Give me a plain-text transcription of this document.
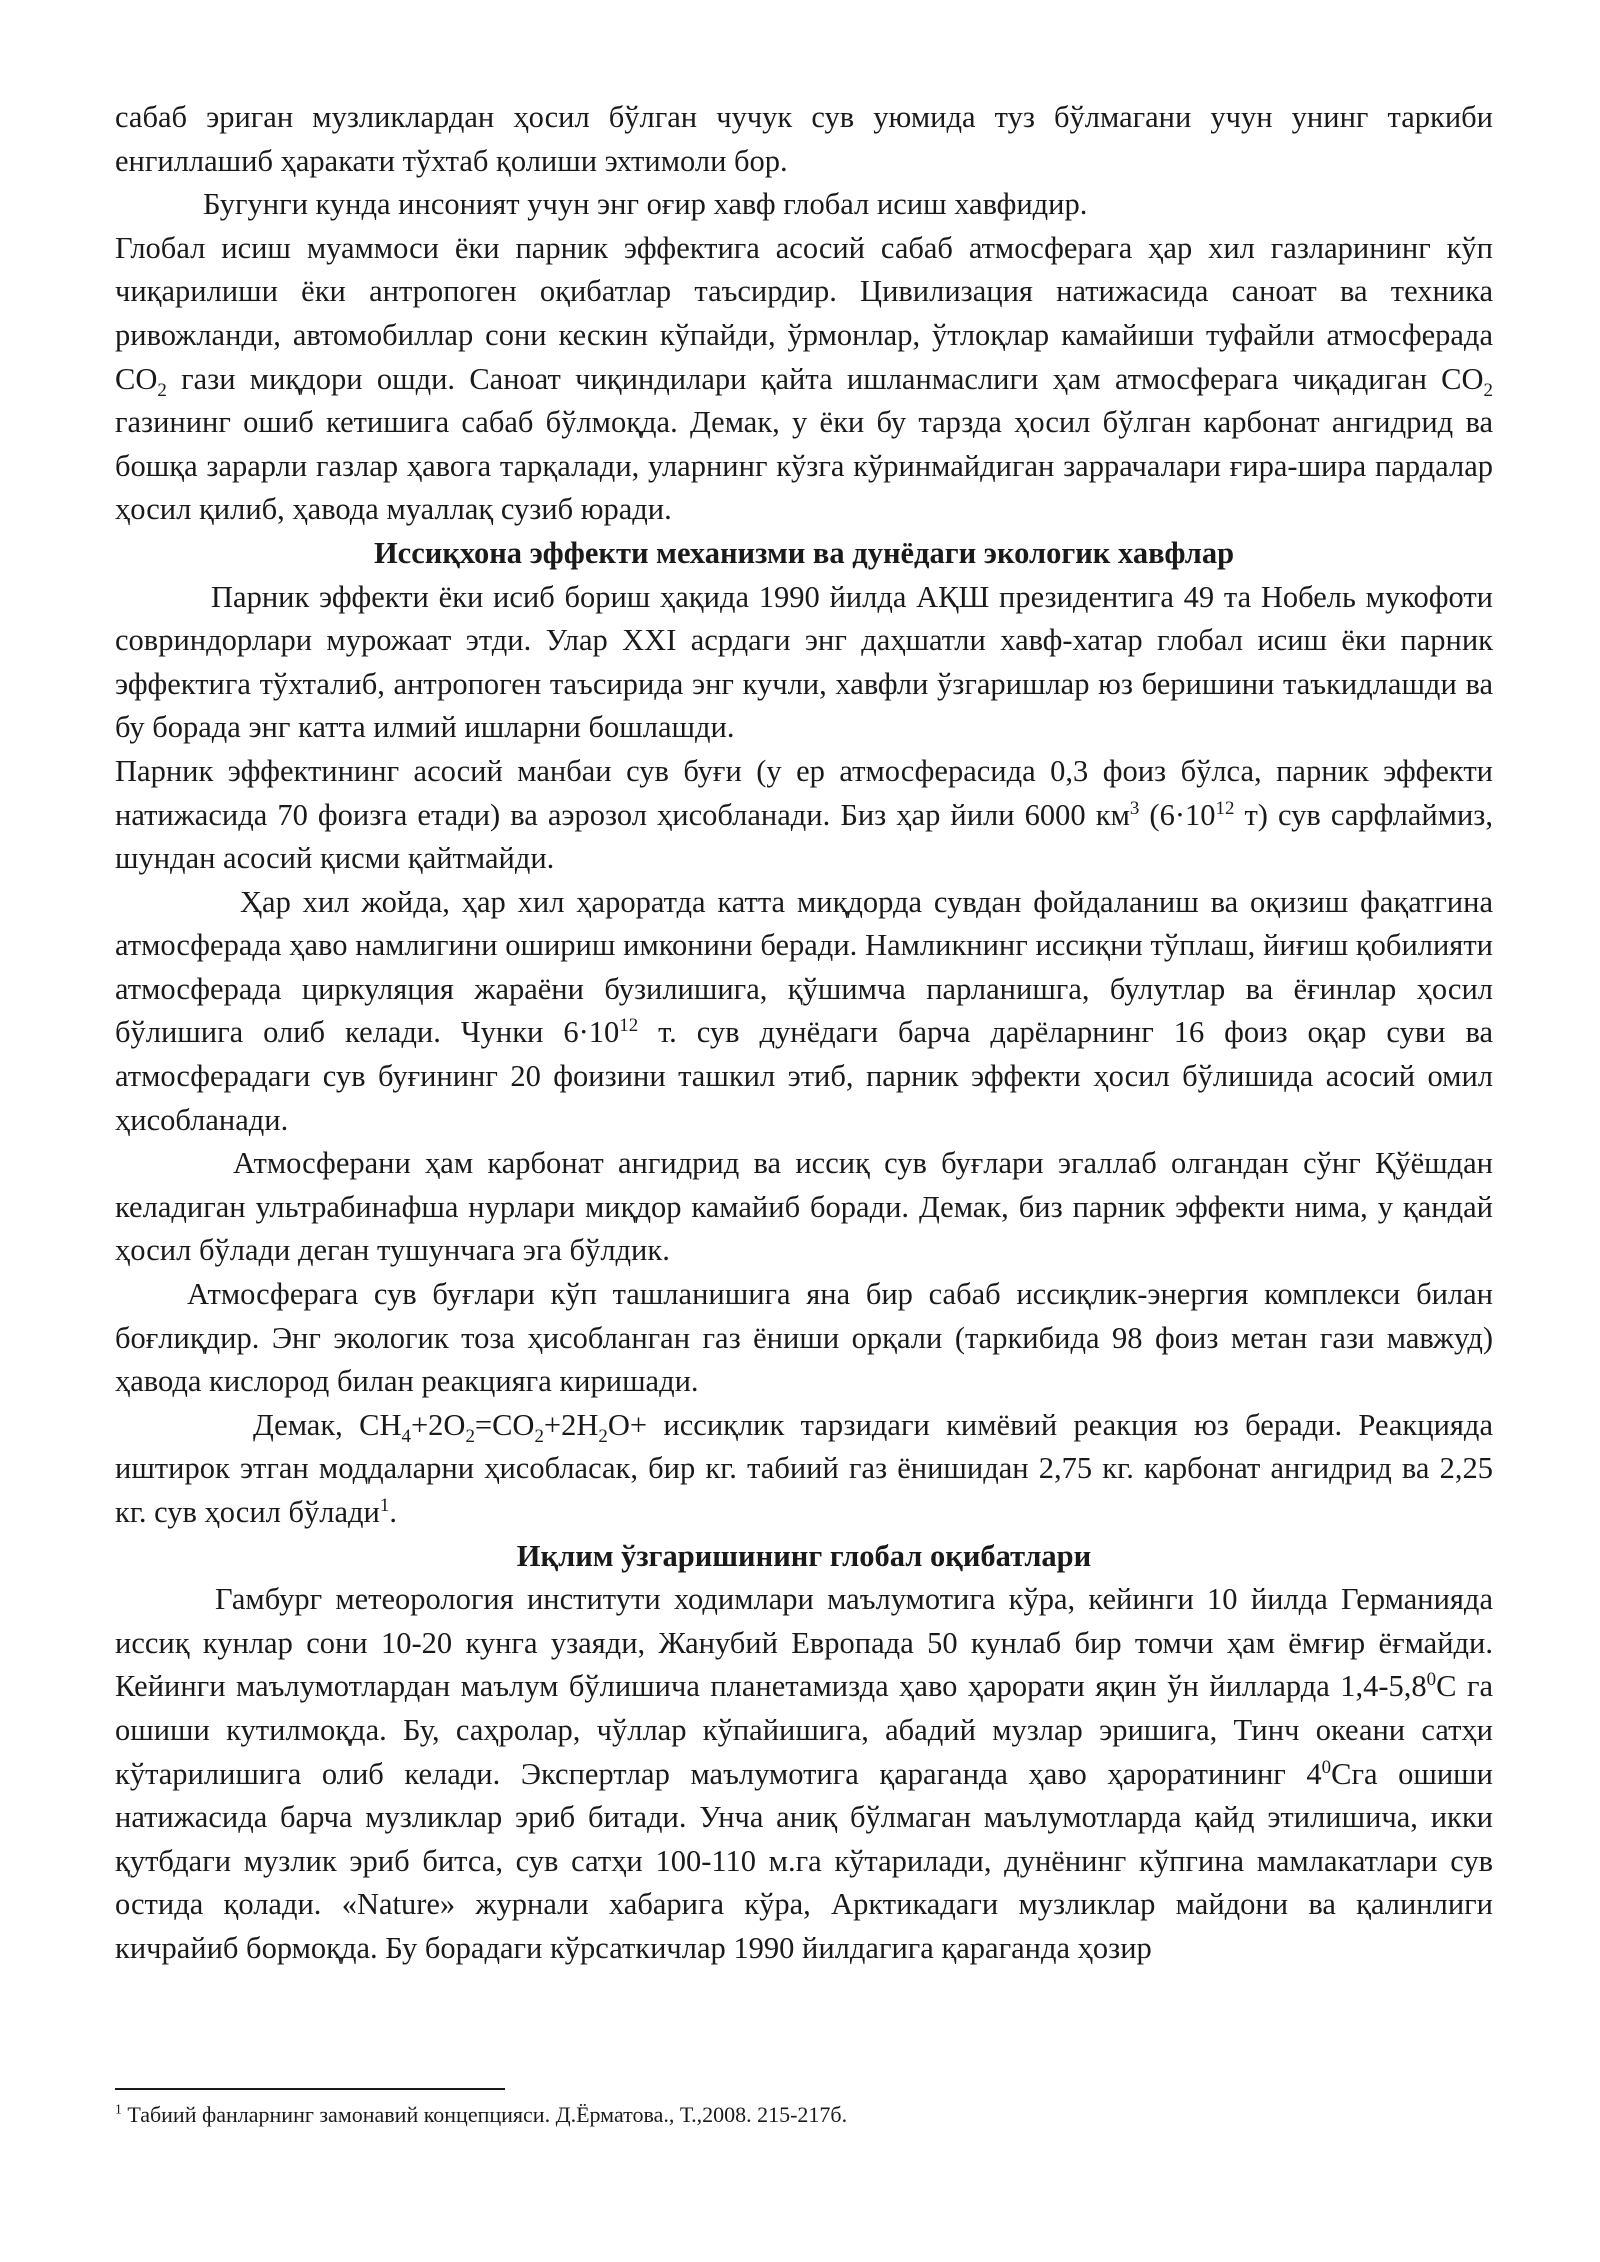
сабаб эриган музликлардан ҳосил бўлган чучук сув уюмида туз бўлмагани учун унинг таркиби енгиллашиб ҳаракати тўхтаб қолиши эхтимоли бор.

Бугунги кунда инсоният учун энг оғир хавф глобал исиш хавфидир.

Глобал исиш муаммоси ёки парник эффектига асосий сабаб атмосферага ҳар хил газларининг кўп чиқарилиши ёки антропоген оқибатлар таъсирдир. Цивилизация натижасида саноат ва техника ривожланди, автомобиллар сони кескин кўпайди, ўрмонлар, ўтлоқлар камайиши туфайли атмосферада $CO_2$ гази миқдори ошди. Саноат чиқиндилари қайта ишланмаслиги ҳам атмосферага чиқадиган $CO_2$ газининг ошиб кетишига сабаб бўлмоқда. Демак, у ёки бу тарзда ҳосил бўлган карбонат ангидрид ва бошқа зарарли газлар ҳавога тарқалади, уларнинг кўзга кўринмайдиган заррачалари ғира-шира пардалар ҳосил қилиб, ҳавода муаллақ сузиб юради.

Иссиқхона эффекти механизми ва дунёдаги экологик хавфлар

Парник эффекти ёки исиб бориш ҳақида 1990 йилда АҚШ президентига 49 та Нобель мукофоти совриндорлари мурожаат этди. Улар XXI асрдаги энг даҳшатли хавф-хатар глобал исиш ёки парник эффектига тўхталиб, антропоген таъсирида энг кучли, хавфли ўзгаришлар юз беришини таъкидлашди ва бу борада энг катта илмий ишларни бошлашди.

Парник эффектининг асосий манбаи сув буғи (у ер атмосферасида 0,3 фоиз бўлса, парник эффекти натижасида 70 фоизга етади) ва аэрозол ҳисобланади. Биз ҳар йили 6000 $км^3$ ($6\cdot 10^{12}$ т) сув сарфлаймиз, шундан асосий қисми қайтмайди.

Ҳар хил жойда, ҳар хил ҳароратда катта миқдорда сувдан фойдаланиш ва оқизиш фақатгина атмосферада ҳаво намлигини ошириш имконини беради. Намликнинг иссиқни тўплаш, йиғиш қобилияти атмосферада циркуляция жараёни бузилишига, қўшимча парланишга, булутлар ва ёғинлар ҳосил бўлишига олиб келади. Чунки $6\cdot 10^{12}$ т. сув дунёдаги барча дарёларнинг 16 фоиз оқар суви ва атмосферадаги сув буғининг 20 фоизини ташкил этиб, парник эффекти ҳосил бўлишида асосий омил ҳисобланади.

Атмосферани ҳам карбонат ангидрид ва иссиқ сув буғлари эгаллаб олгандан сўнг Қўёшдан келадиган ультрабинафша нурлари миқдор камайиб боради. Демак, биз парник эффекти нима, у қандай ҳосил бўлади деган тушунчага эга бўлдик.

Атмосферага сув буғлари кўп ташланишига яна бир сабаб иссиқлик-энергия комплекси билан боғлиқдир. Энг экологик тоза ҳисобланган газ ёниши орқали (таркибида 98 фоиз метан гази мавжуд) ҳавода кислород билан реакцияга киришади.

Демак, $CH_4+2O_2=CO_2+2H_2O+$ иссиқлик тарзидаги кимёвий реакция юз беради. Реакцияда иштирок этган моддаларни ҳисобласак, бир кг. табиий газ ёнишидан 2,75 кг. карбонат ангидрид ва 2,25 кг. сув ҳосил бўлади$^1$.

Иқлим ўзгаришининг глобал оқибатлари

Гамбург метеорология институти ходимлари маълумотига кўра, кейинги 10 йилда Германияда иссиқ кунлар сони 10-20 кунга узаяди, Жанубий Европада 50 кунлаб бир томчи ҳам ёмғир ёғмайди. Кейинги маълумотлардан маълум бўлишича планетамизда ҳаво ҳарорати яқин ўн йилларда $1,4-5,8^0С$ га ошиши кутилмоқда. Бу, саҳролар, чўллар кўпайишига, абадий музлар эришига, Тинч океани сатҳи кўтарилишига олиб келади. Экспертлар маълумотига қараганда ҳаво ҳароратининг $4^0Сга$ ошиши натижасида барча музликлар эриб битади. Унча аниқ бўлмаган маълумотларда қайд этилишича, икки қутбдаги музлик эриб битса, сув сатҳи 100-110 м.га кўтарилади, дунёнинг кўпгина мамлакатлари сув остида қолади. «Nature» журнали хабарига кўра, Арктикадаги музликлар майдони ва қалинлиги кичрайиб бормоқда. Бу борадаги кўрсаткичлар 1990 йилдагига қараганда ҳозир

$^1$ Табиий фанларнинг замонавий концепцияси. Д.Ёрматова., Т.,2008. 215-217б.
